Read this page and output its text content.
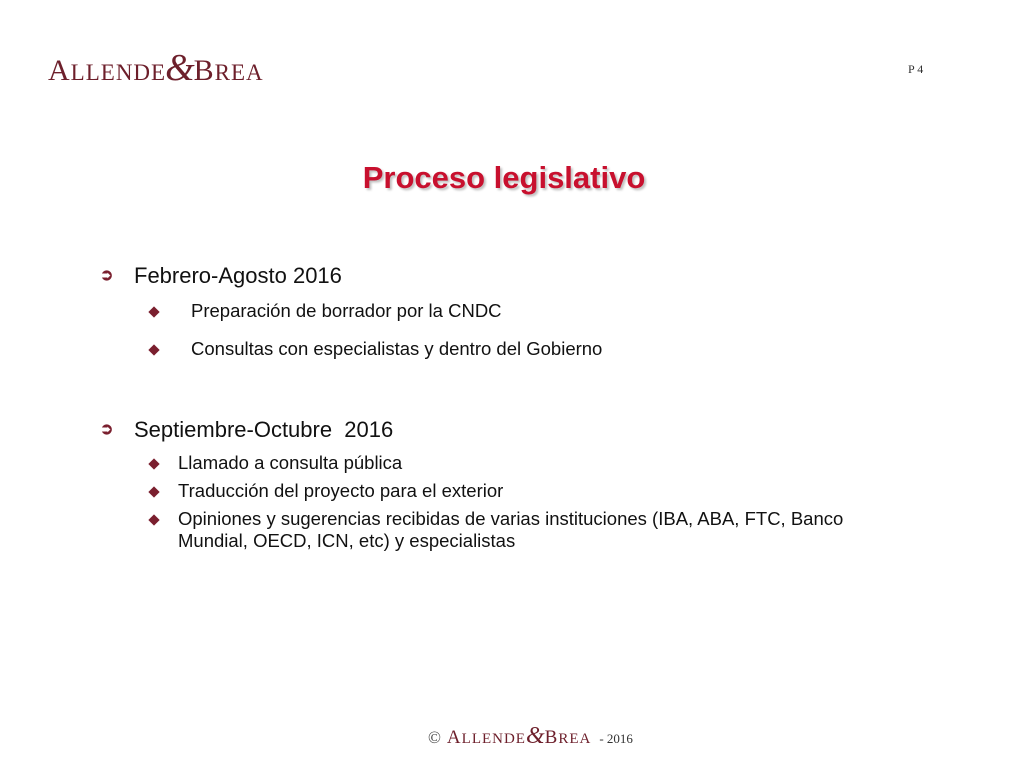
ALLENDE&BREA	P 4
Proceso legislativo
➲ Febrero-Agosto 2016
Preparación de borrador por la CNDC
Consultas con especialistas y dentro del Gobierno
➲ Septiembre-Octubre  2016
Llamado a consulta pública
Traducción del proyecto para el exterior
Opiniones y sugerencias recibidas de varias instituciones (IBA, ABA, FTC, Banco Mundial, OECD, ICN, etc) y especialistas
© ALLENDE&BREA - 2016
